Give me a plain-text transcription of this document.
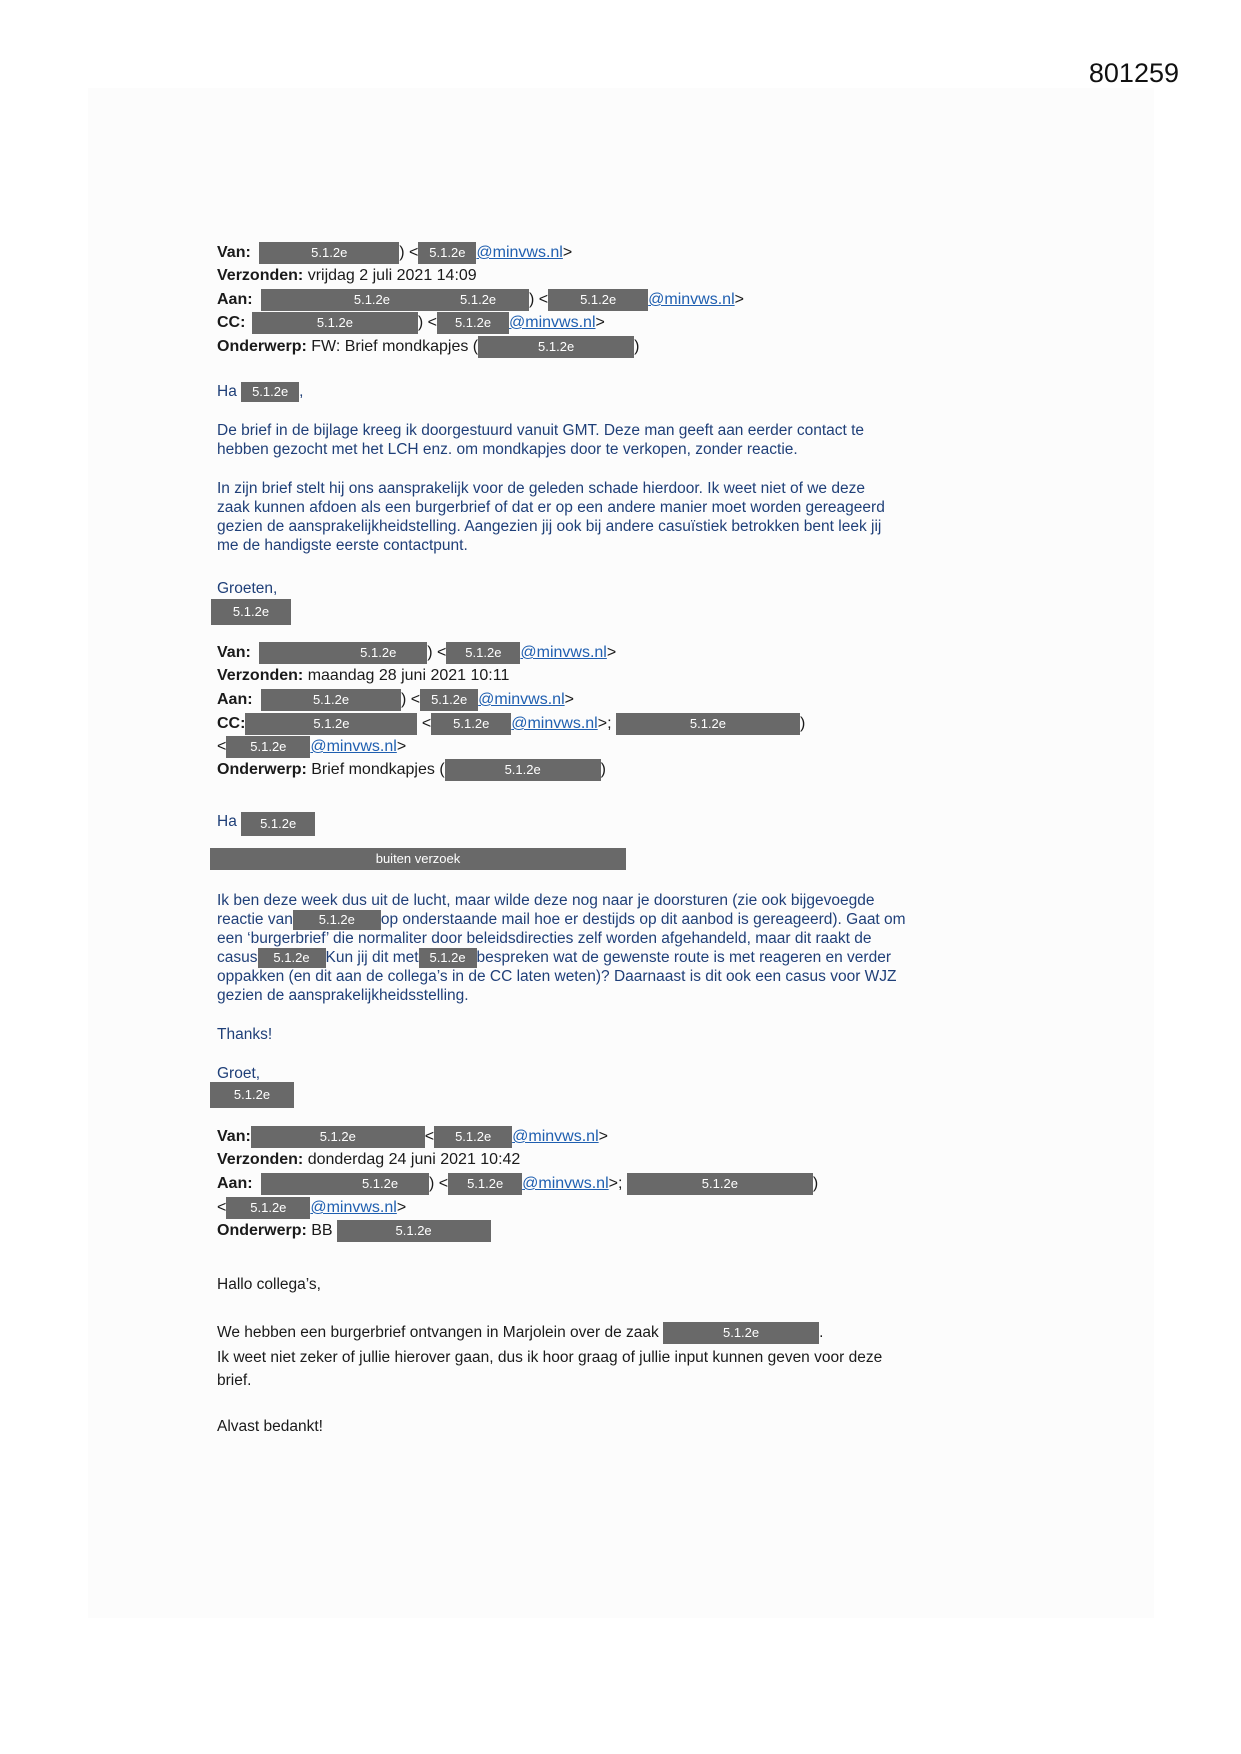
801259
Van:	5.1.2e	) < 5.1.2e @minvws.nl>
Verzonden: vrijdag 2 juli 2021 14:09
Aan:	5.1.2e	5.1.2e ) < 5.1.2e @minvws.nl>
CC:	5.1.2e	) < 5.1.2e @minvws.nl>
Onderwerp: FW: Brief mondkapjes (	5.1.2e	)
Ha 5.1.2e ,
De brief in de bijlage kreeg ik doorgestuurd vanuit GMT. Deze man geeft aan eerder contact te
hebben gezocht met het LCH enz. om mondkapjes door te verkopen, zonder reactie.
In zijn brief stelt hij ons aansprakelijk voor de geleden schade hierdoor. Ik weet niet of we deze
zaak kunnen afdoen als een burgerbrief of dat er op een andere manier moet worden gereageerd
gezien de aansprakelijkheidstelling. Aangezien jij ook bij andere casuïstiek betrokken bent leek jij
me de handigste eerste contactpunt.
Groeten,
5.1.2e
Van:	5.1.2e ) < 5.1.2e @minvws.nl>
Verzonden: maandag 28 juni 2021 10:11
Aan:	5.1.2e	) < 5.1.2e @minvws.nl>
CC:	5.1.2e	< 5.1.2e @minvws.nl>;	5.1.2e	)
< 5.1.2e @minvws.nl>
Onderwerp: Brief mondkapjes (	5.1.2e	)
Ha 5.1.2e
buiten verzoek
Ik ben deze week dus uit de lucht, maar wilde deze nog naar je doorsturen (zie ook bijgevoegde
reactie van 5.1.2e op onderstaande mail hoe er destijds op dit aanbod is gereageerd). Gaat om
een ‘burgerbrief’ die normaliter door beleidsdirecties zelf worden afgehandeld, maar dit raakt de
casus 5.1.2e Kun jij dit met 5.1.2e bespreken wat de gewenste route is met reageren en verder
oppakken (en dit aan de collega’s in de CC laten weten)? Daarnaast is dit ook een casus voor WJZ
gezien de aansprakelijkheidsstelling.
Thanks!
Groet,
5.1.2e
Van:	5.1.2e	< 5.1.2e @minvws.nl>
Verzonden: donderdag 24 juni 2021 10:42
Aan:	5.1.2e ) < 5.1.2e @minvws.nl>;	5.1.2e	)
< 5.1.2e @minvws.nl>
Onderwerp: BB	5.1.2e
Hallo collega’s,
We hebben een burgerbrief ontvangen in Marjolein over de zaak	5.1.2e	.
Ik weet niet zeker of jullie hierover gaan, dus ik hoor graag of jullie input kunnen geven voor deze
brief.
Alvast bedankt!
